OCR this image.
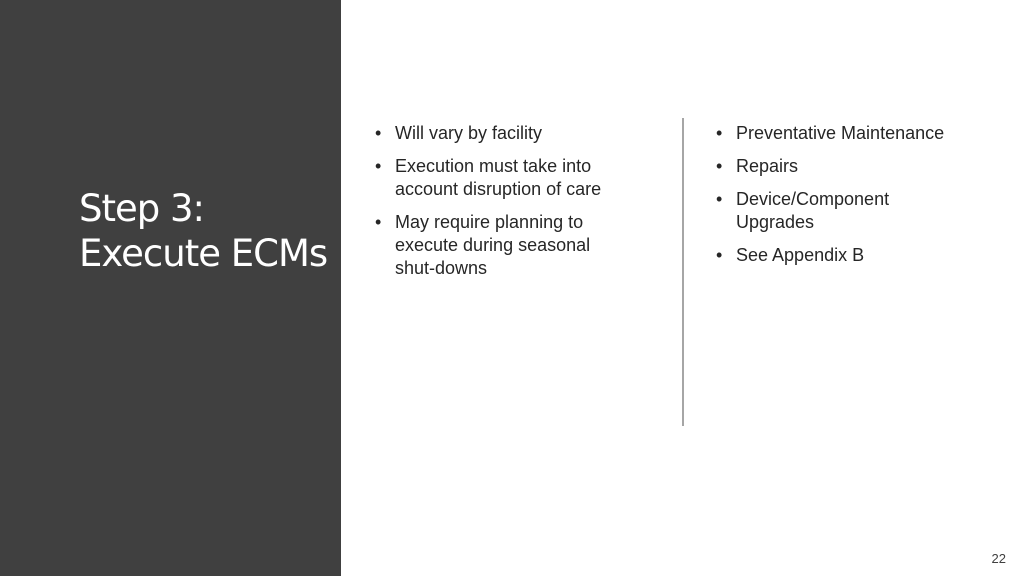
Step 3:
Execute ECMs
• Will vary by facility
• Execution must take into
account disruption of care
• May require planning to
execute during seasonal
shut-downs
• Preventative Maintenance
• Repairs
• Device/Component
Upgrades
• See Appendix B
22
